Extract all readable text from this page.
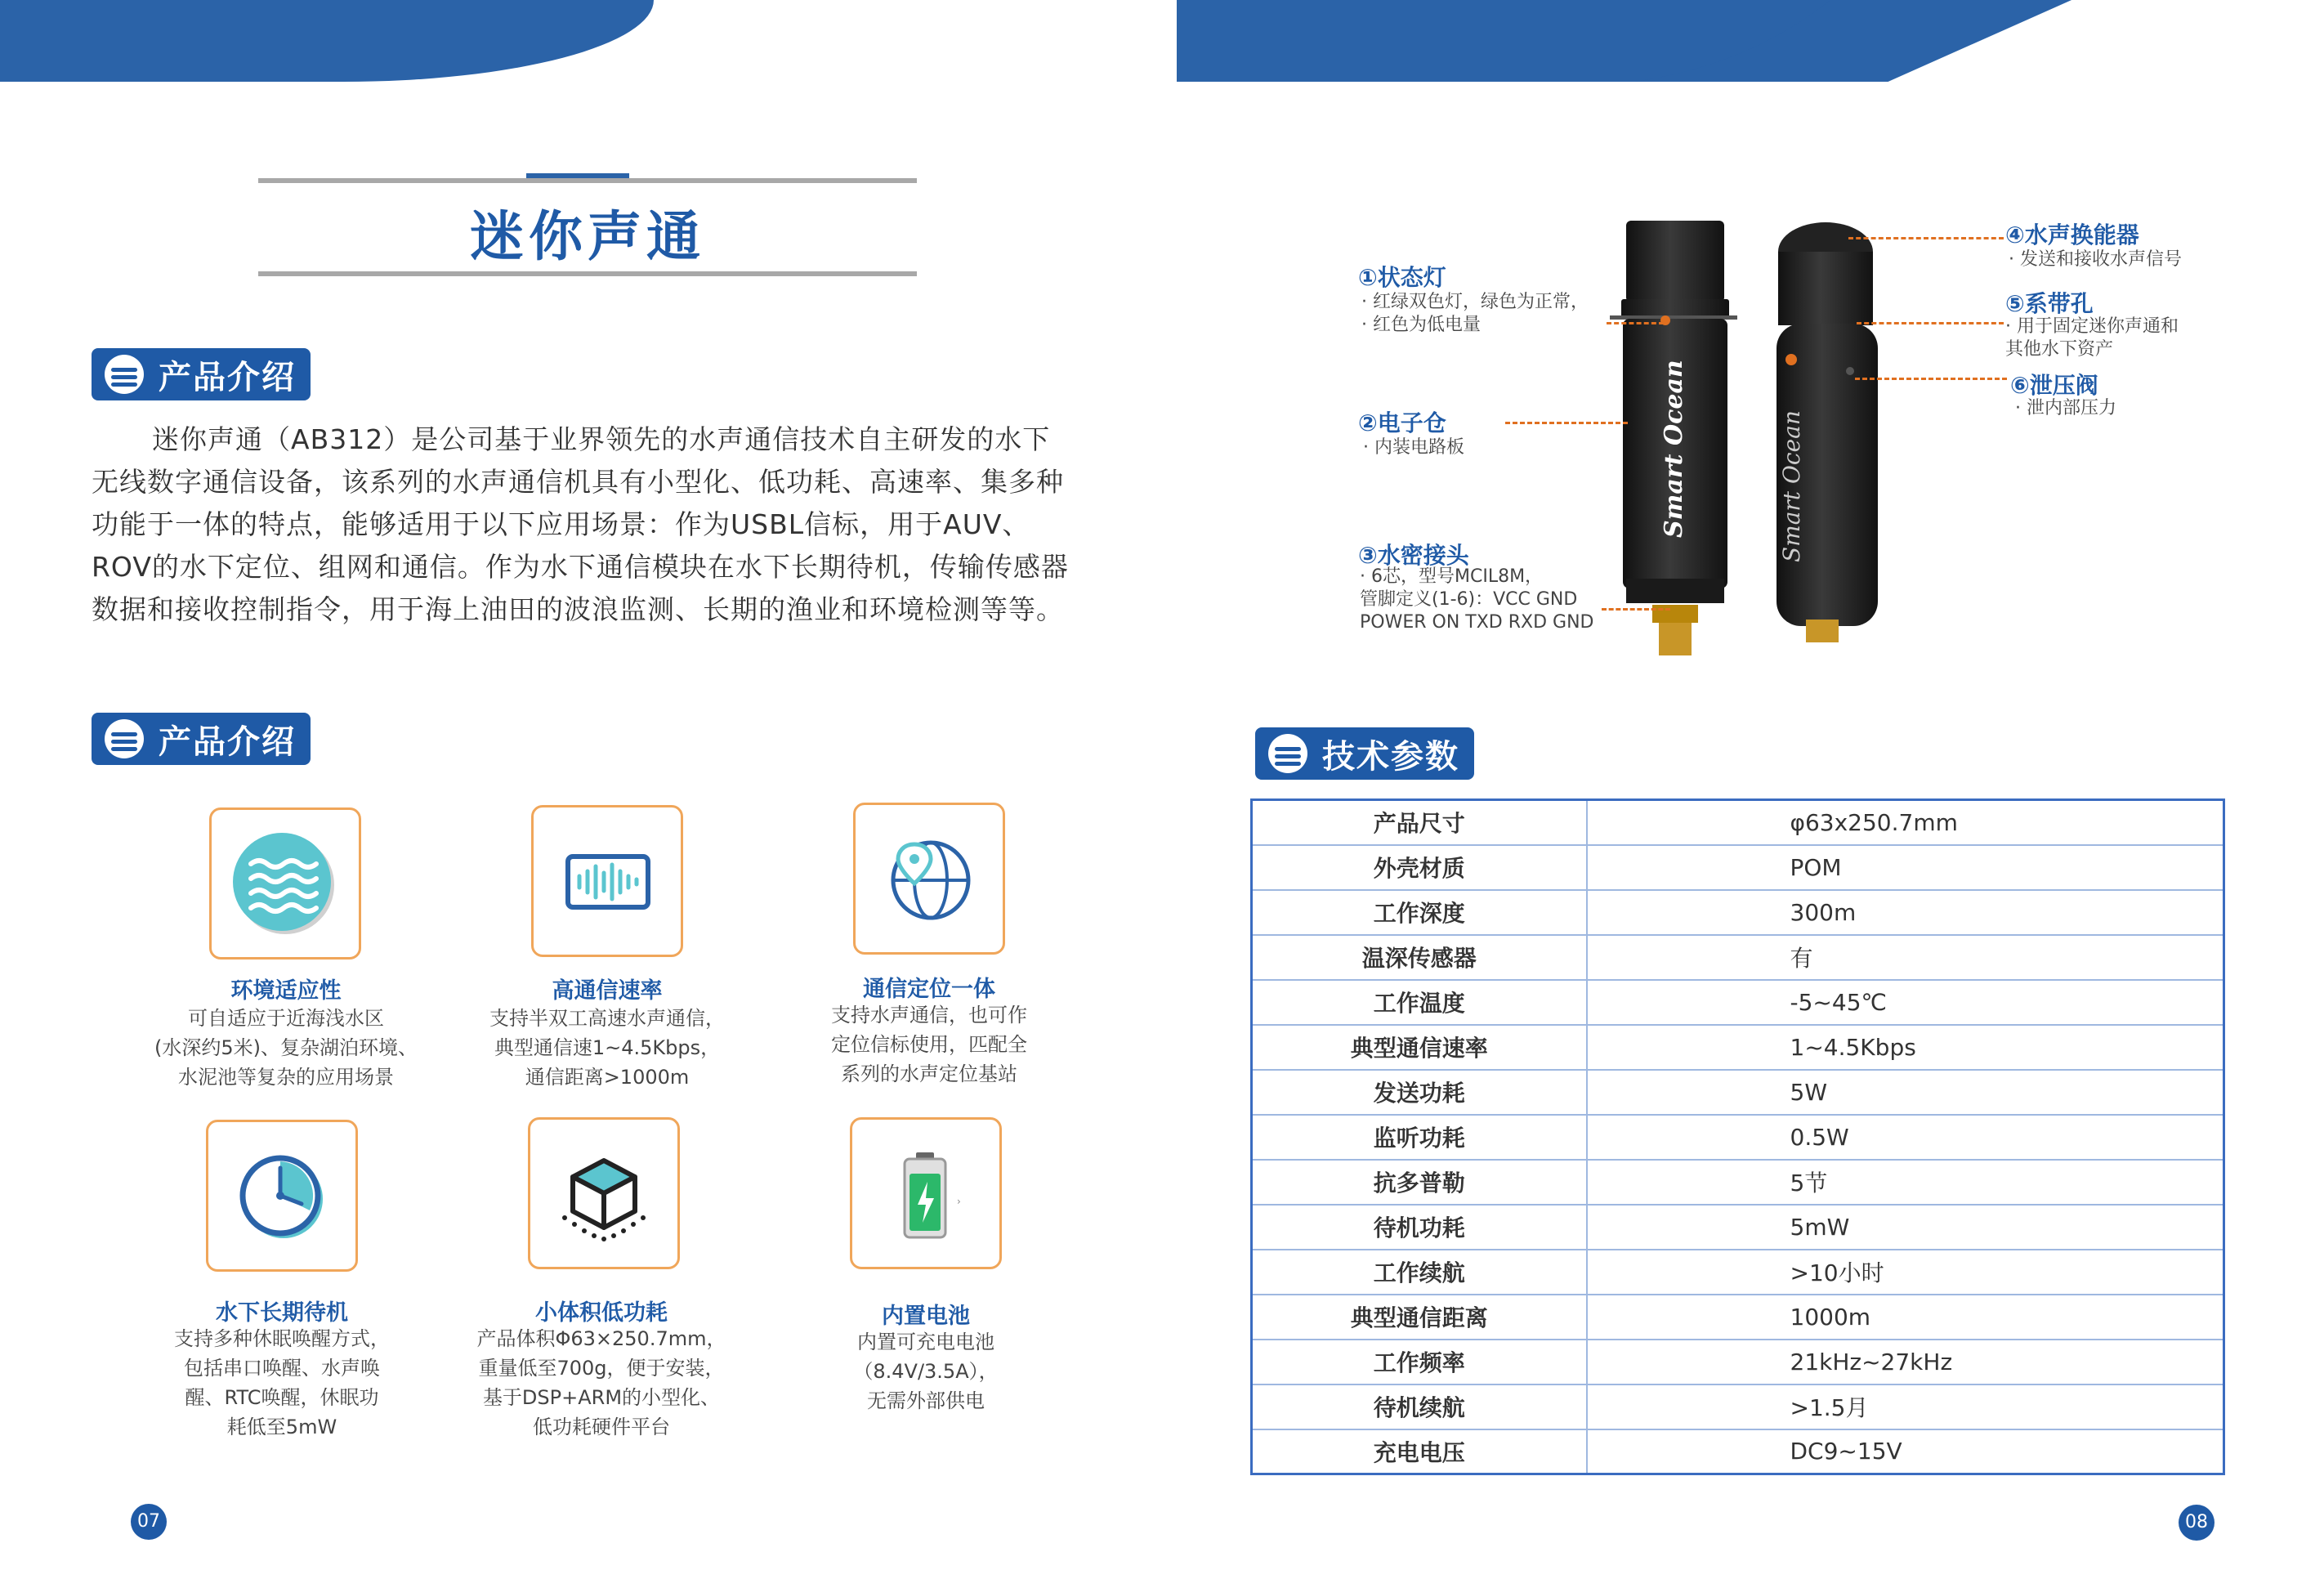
迷你声通
产品介绍
迷你声通（AB312）是公司基于业界领先的水声通信技术自主研发的水下
无线数字通信设备，该系列的水声通信机具有小型化、低功耗、高速率、集多种
功能于一体的特点，能够适用于以下应用场景：作为USBL信标，用于AUV、
ROV的水下定位、组网和通信。作为水下通信模块在水下长期待机，传输传感器
数据和接收控制指令，用于海上油田的波浪监测、长期的渔业和环境检测等等。
产品介绍
环境适应性
可自适应于近海浅水区
(水深约5米)、复杂湖泊环境、
水泥池等复杂的应用场景
高通信速率
支持半双工高速水声通信，
典型通信速1~4.5Kbps，
通信距离>1000m
通信定位一体
支持水声通信，也可作
定位信标使用，匹配全
系列的水声定位基站
水下长期待机
支持多种休眠唤醒方式，
包括串口唤醒、水声唤
醒、RTC唤醒，休眠功
耗低至5mW
小体积低功耗
产品体积Φ63×250.7mm，
重量低至700g，便于安装，
基于DSP+ARM的小型化、
低功耗硬件平台
›
内置电池
内置可充电电池
（8.4V/3.5A），
无需外部供电
Smart Ocean	Smart Ocean
①状态灯
· 红绿双色灯，绿色为正常，
· 红色为低电量
②电子仓
· 内装电路板
③水密接头
· 6芯，型号MCIL8M，
管脚定义(1-6)：VCC GND
POWER ON TXD RXD GND
④水声换能器
· 发送和接收水声信号
⑤系带孔
· 用于固定迷你声通和
其他水下资产
⑥泄压阀
· 泄内部压力
技术参数
产品尺寸	φ63x250.7mm
外壳材质	POM
工作深度	300m
温深传感器	有
工作温度	-5~45℃
典型通信速率	1~4.5Kbps
发送功耗	5W
监听功耗	0.5W
抗多普勒	5节
待机功耗	5mW
工作续航	>10小时
典型通信距离	1000m
工作频率	21kHz~27kHz
待机续航	>1.5月
充电电压	DC9~15V
07	08
